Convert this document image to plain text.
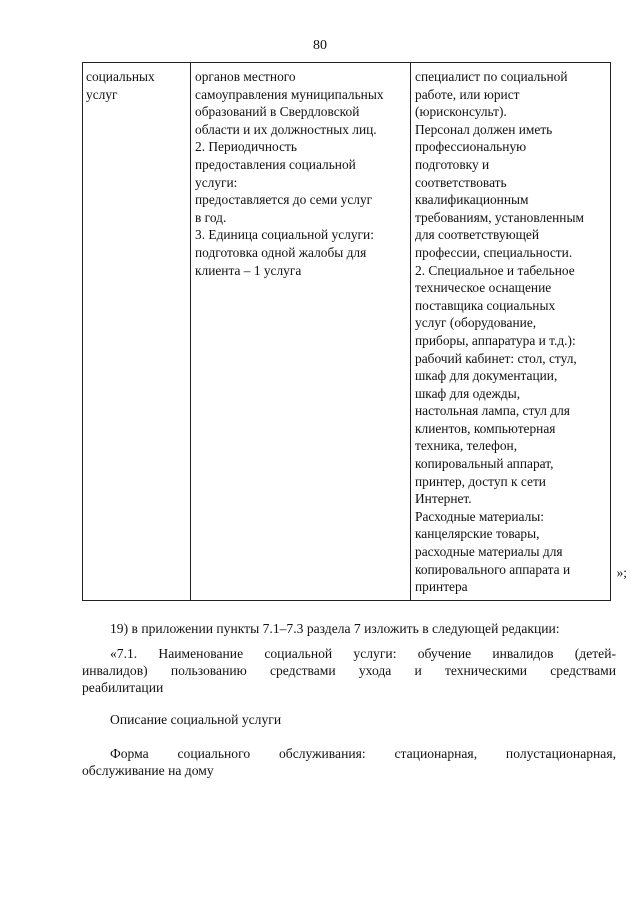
80
социальных
услуг

органов местного
самоуправления муниципальных
образований в Свердловской
области и их должностных лиц.
2. Периодичность
предоставления социальной
услуги:
предоставляется до семи услуг
в год.
3. Единица социальной услуги:
подготовка одной жалобы для
клиента – 1 услуга

специалист по социальной
работе, или юрист
(юрисконсульт).
Персонал должен иметь
профессиональную
подготовку и
соответствовать
квалификационным
требованиям, установленным
для соответствующей
профессии, специальности.
2. Специальное и табельное
техническое оснащение
поставщика социальных
услуг (оборудование,
приборы, аппаратура и т.д.):
рабочий кабинет: стол, стул,
шкаф для документации,
шкаф для одежды,
настольная лампа, стул для
клиентов, компьютерная
техника, телефон,
копировальный аппарат,
принтер, доступ к сети
Интернет.
Расходные материалы:
канцелярские товары,
расходные материалы для
копировального аппарата и
принтера
»;
19) в приложении пункты 7.1–7.3 раздела 7 изложить в следующей редакции:
«7.1. Наименование социальной услуги: обучение инвалидов (детей-
инвалидов) пользованию средствами ухода и техническими средствами
реабилитации
Описание социальной услуги
Форма социального обслуживания: стационарная, полустационарная,
обслуживание на дому
